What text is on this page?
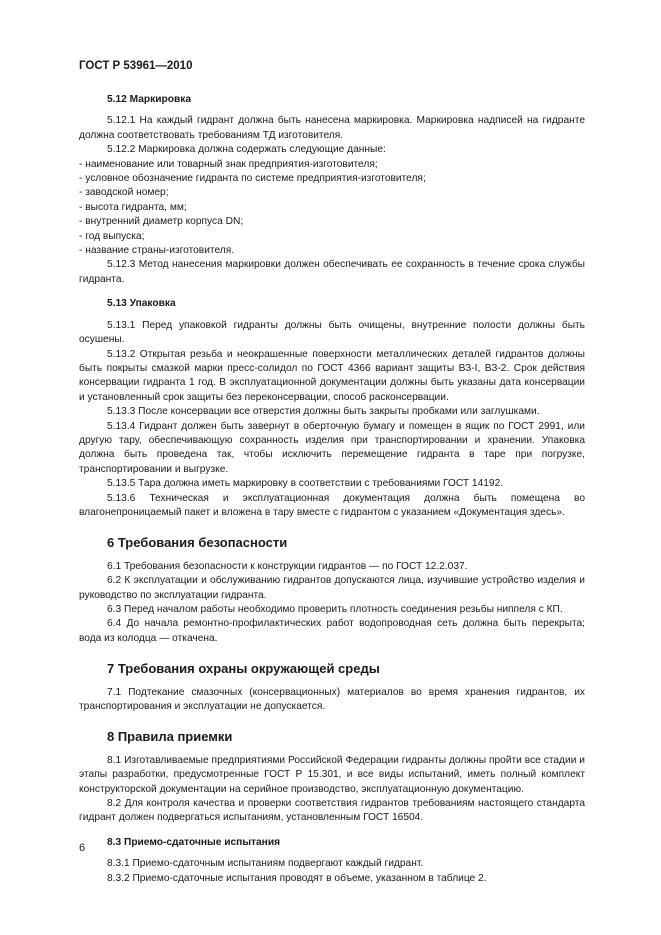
ГОСТ Р 53961—2010
5.12 Маркировка

5.12.1 На каждый гидрант должна быть нанесена маркировка. Маркировка надписей на гидранте должна соответствовать требованиям ТД изготовителя.

5.12.2 Маркировка должна содержать следующие данные:

- наименование или товарный знак предприятия-изготовителя;

- условное обозначение гидранта по системе предприятия-изготовителя;

- заводской номер;

- высота гидранта, мм;

- внутренний диаметр корпуса DN;

- год выпуска;

- название страны-изготовителя.

5.12.3 Метод нанесения маркировки должен обеспечивать ее сохранность в течение срока службы гидранта.

5.13 Упаковка

5.13.1 Перед упаковкой гидранты должны быть очищены, внутренние полости должны быть осушены.

5.13.2 Открытая резьба и неокрашенные поверхности металлических деталей гидрантов должны быть покрыты смазкой марки пресс-солидол по ГОСТ 4366 вариант защиты ВЗ-I, ВЗ-2. Срок действия консервации гидранта 1 год. В эксплуатационной документации должны быть указаны дата консервации и установленный срок защиты без переконсервации, способ расконсервации.

5.13.3 После консервации все отверстия должны быть закрыты пробками или заглушками.

5.13.4 Гидрант должен быть завернут в оберточную бумагу и помещен в ящик по ГОСТ 2991, или другую тару, обеспечивающую сохранность изделия при транспортировании и хранении. Упаковка должна быть проведена так, чтобы исключить перемещение гидранта в таре при погрузке, транспортировании и выгрузке.

5.13.5 Тара должна иметь маркировку в соответствии с требованиями ГОСТ 14192.

5.13.6 Техническая и эксплуатационная документация должна быть помещена во влагонепроницаемый пакет и вложена в тару вместе с гидрантом с указанием «Документация здесь».

6 Требования безопасности

6.1 Требования безопасности к конструкции гидрантов — по ГОСТ 12.2.037.

6.2 К эксплуатации и обслуживанию гидрантов допускаются лица, изучившие устройство изделия и руководство по эксплуатации гидранта.

6.3 Перед началом работы необходимо проверить плотность соединения резьбы ниппеля с КП.

6.4 До начала ремонтно-профилактических работ водопроводная сеть должна быть перекрыта; вода из колодца — откачена.

7 Требования охраны окружающей среды

7.1 Подтекание смазочных (консервационных) материалов во время хранения гидрантов, их транспортирования и эксплуатации не допускается.

8 Правила приемки

8.1 Изготавливаемые предприятиями Российской Федерации гидранты должны пройти все стадии и этапы разработки, предусмотренные ГОСТ Р 15.301, и все виды испытаний, иметь полный комплект конструкторской документации на серийное производство, эксплуатационную документацию.

8.2 Для контроля качества и проверки соответствия гидрантов требованиям настоящего стандарта гидрант должен подвергаться испытаниям, установленным ГОСТ 16504.

8.3 Приемо-сдаточные испытания

8.3.1 Приемо-сдаточным испытаниям подвергают каждый гидрант.

8.3.2 Приемо-сдаточные испытания проводят в объеме, указанном в таблице 2.

6
